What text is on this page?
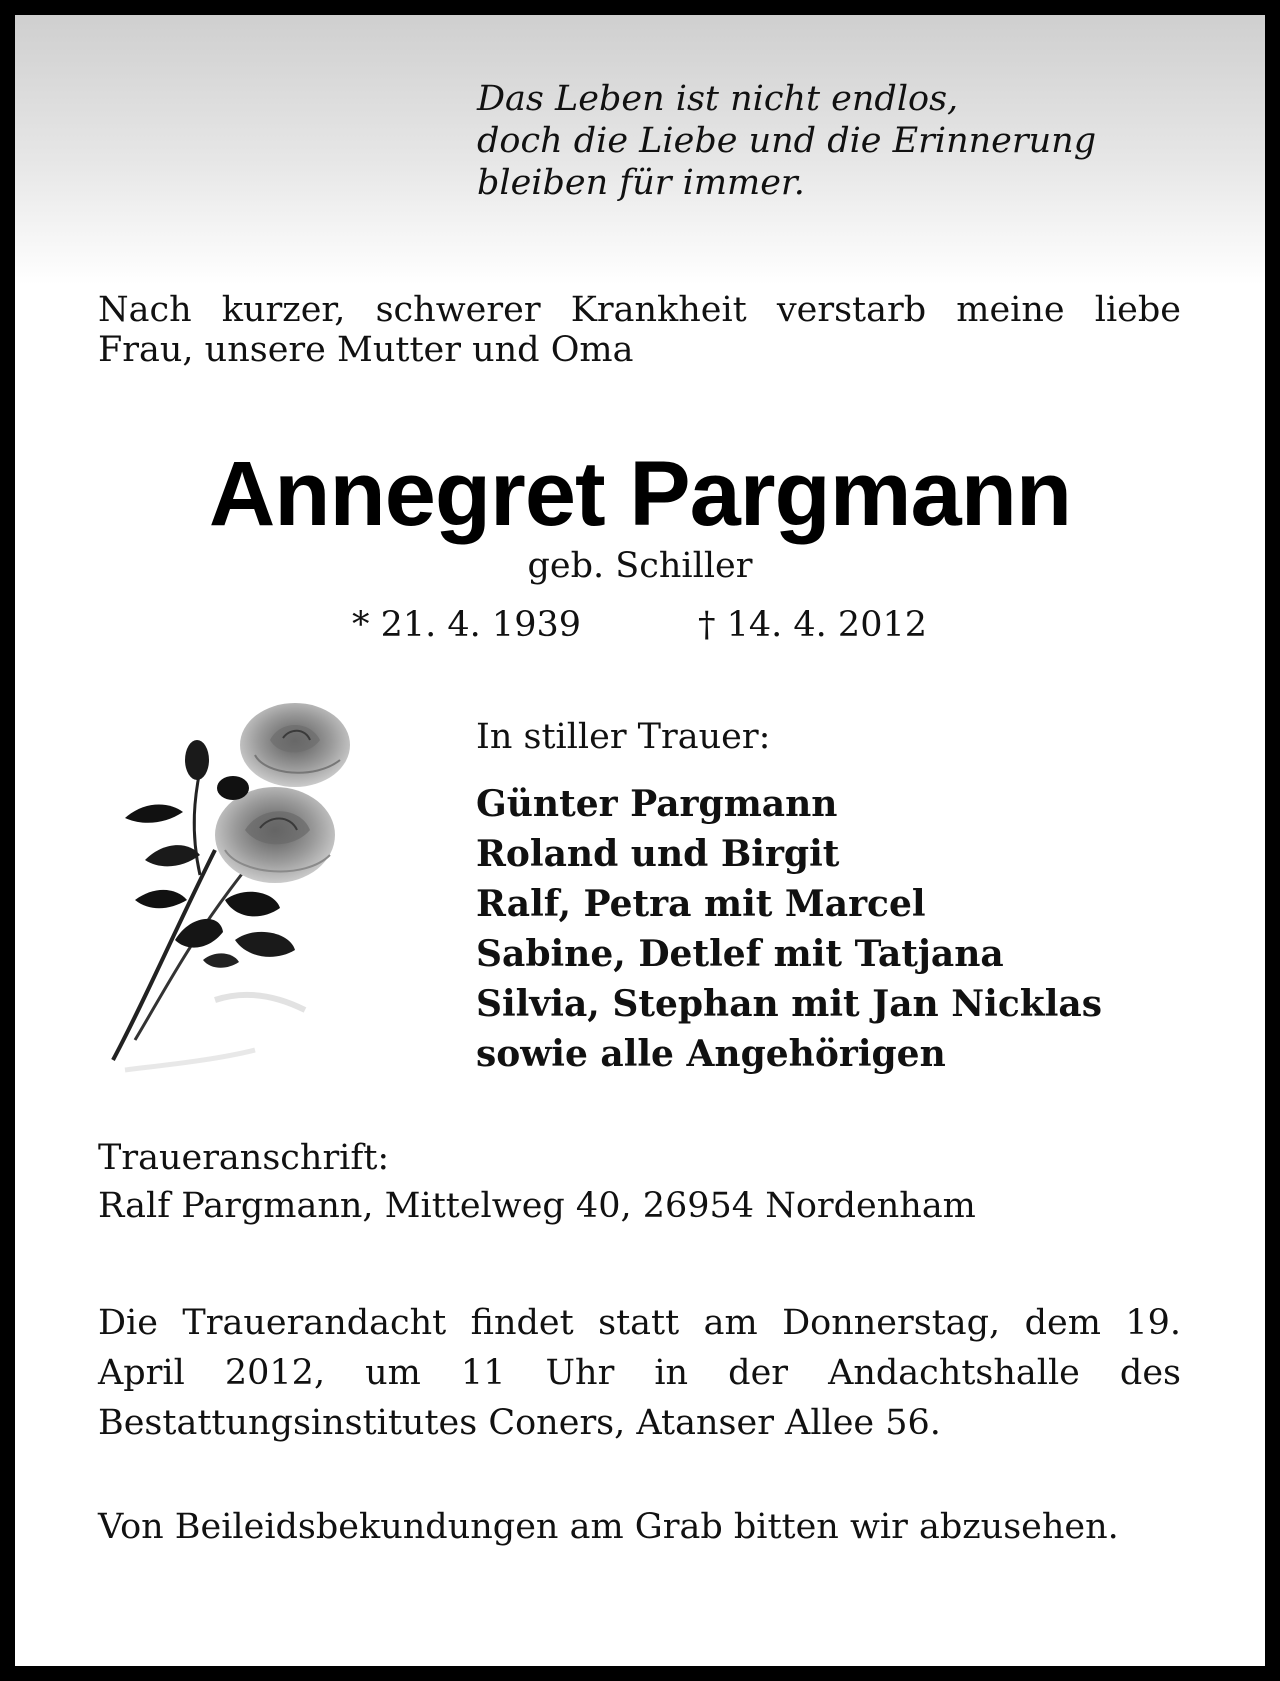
Das Leben ist nicht endlos,
doch die Liebe und die Erinnerung
bleiben für immer.
Nach kurzer, schwerer Krankheit verstarb meine liebe
Frau, unsere Mutter und Oma
Annegret Pargmann
geb. Schiller
* 21. 4. 1939	† 14. 4. 2012
In stiller Trauer:
Günter Pargmann
Roland und Birgit
Ralf, Petra mit Marcel
Sabine, Detlef mit Tatjana
Silvia, Stephan mit Jan Nicklas
sowie alle Angehörigen
Traueranschrift:
Ralf Pargmann, Mittelweg 40, 26954 Nordenham
Die Trauerandacht findet statt am Donnerstag, dem 19. April 2012, um 11 Uhr in der Andachtshalle des Bestattungsinstitutes Coners, Atanser Allee 56.
Von Beileidsbekundungen am Grab bitten wir abzusehen.
